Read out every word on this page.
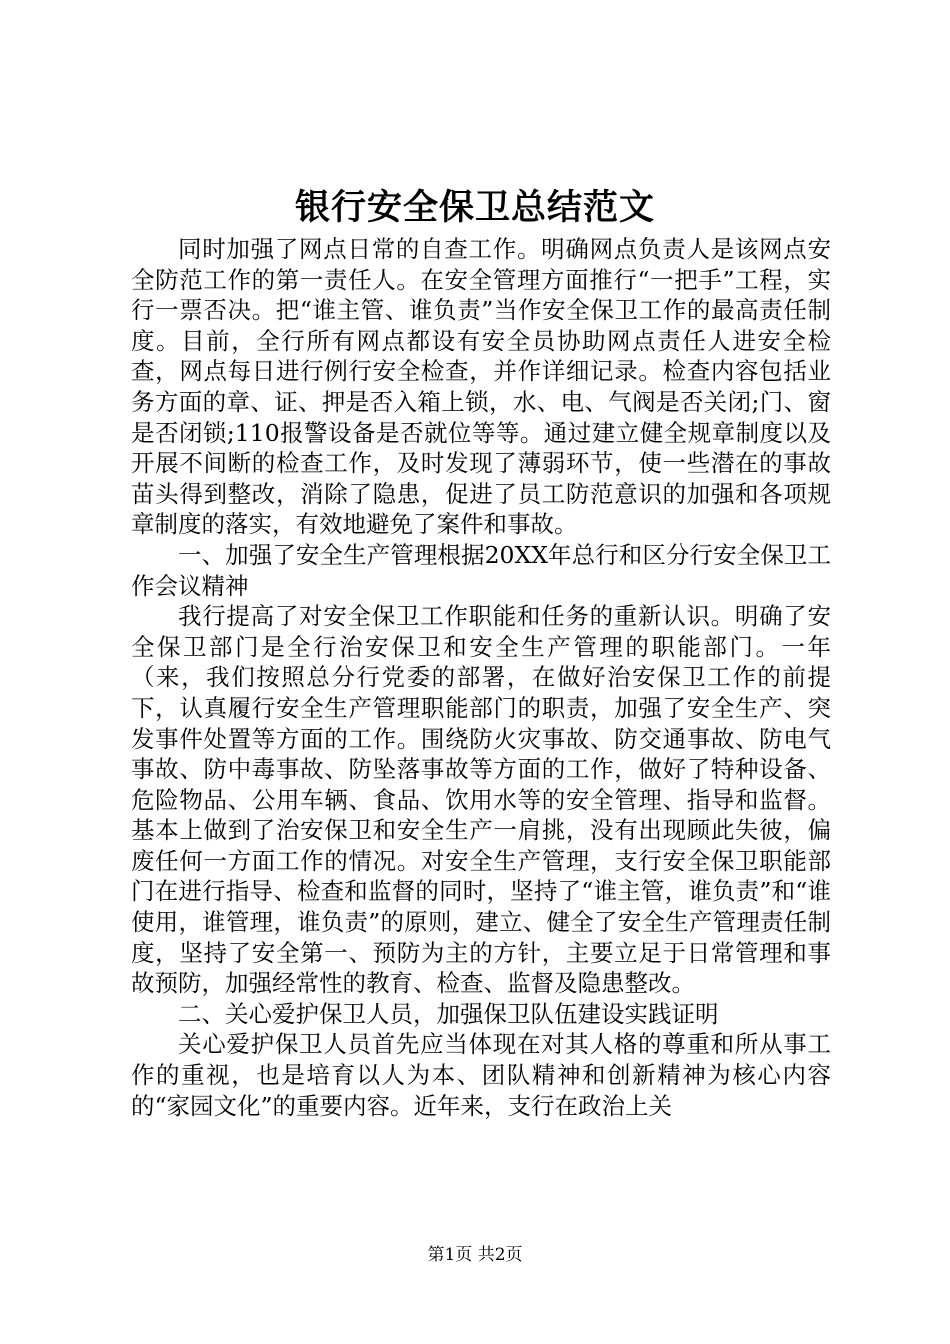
银行安全保卫总结范文

同时加强了网点日常的自查工作。明确网点负责人是该网点安全防范工作的第一责任人。在安全管理方面推行“一把手”工程，实行一票否决。把“谁主管、谁负责”当作安全保卫工作的最高责任制度。目前，全行所有网点都设有安全员协助网点责任人进安全检查，网点每日进行例行安全检查，并作详细记录。检查内容包括业务方面的章、证、押是否入箱上锁，水、电、气阀是否关闭;门、窗是否闭锁;110报警设备是否就位等等。通过建立健全规章制度以及开展不间断的检查工作，及时发现了薄弱环节，使一些潜在的事故苗头得到整改，消除了隐患，促进了员工防范意识的加强和各项规章制度的落实，有效地避免了案件和事故。

一、加强了安全生产管理根据20XX年总行和区分行安全保卫工作会议精神

我行提高了对安全保卫工作职能和任务的重新认识。明确了安全保卫部门是全行治安保卫和安全生产管理的职能部门。一年（来，我们按照总分行党委的部署，在做好治安保卫工作的前提下，认真履行安全生产管理职能部门的职责，加强了安全生产、突发事件处置等方面的工作。围绕防火灾事故、防交通事故、防电气事故、防中毒事故、防坠落事故等方面的工作，做好了特种设备、危险物品、公用车辆、食品、饮用水等的安全管理、指导和监督。基本上做到了治安保卫和安全生产一肩挑，没有出现顾此失彼，偏废任何一方面工作的情况。对安全生产管理，支行安全保卫职能部门在进行指导、检查和监督的同时，坚持了“谁主管，谁负责”和“谁使用，谁管理，谁负责”的原则，建立、健全了安全生产管理责任制度，坚持了安全第一、预防为主的方针，主要立足于日常管理和事故预防，加强经常性的教育、检查、监督及隐患整改。

二、关心爱护保卫人员，加强保卫队伍建设实践证明

关心爱护保卫人员首先应当体现在对其人格的尊重和所从事工作的重视，也是培育以人为本、团队精神和创新精神为核心内容的“家园文化”的重要内容。近年来，支行在政治上关

第1页 共2页
